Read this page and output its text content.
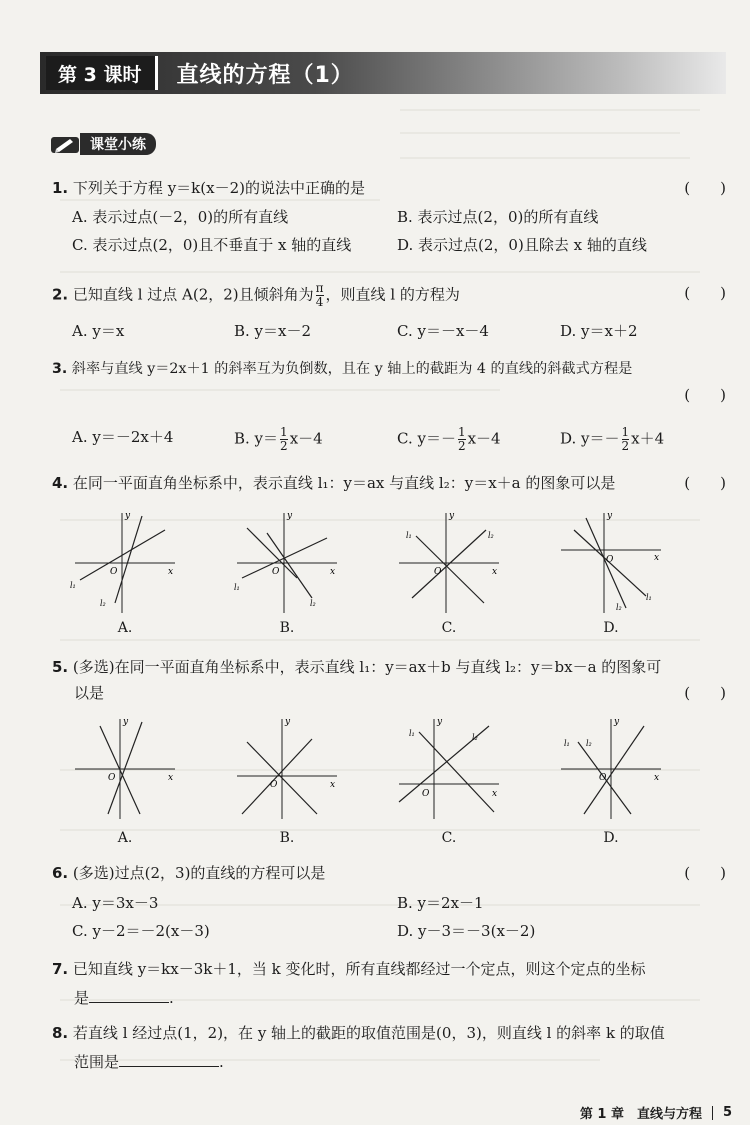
第 3 课时	直线的方程（1）
课堂小练
1. 下列关于方程 y＝k(x－2)的说法中正确的是	(　　)
A. 表示过点(－2，0)的所有直线	B. 表示过点(2，0)的所有直线
C. 表示过点(2，0)且不垂直于 x 轴的直线	D. 表示过点(2，0)且除去 x 轴的直线
2. 已知直线 l 过点 A(2，2)且倾斜角为 $\frac{\pi}{4}$ ，则直线 l 的方程为	(　　)
A. y＝x	B. y＝x－2	C. y＝－x－4	D. y＝x＋2
3. 斜率与直线 y＝2x＋1 的斜率互为负倒数，且在 y 轴上的截距为 4 的直线的斜截式方程是
(　　)
A. y＝－2x＋4	B. $y= \frac{1}{2} x-4$	C. $y=- \frac{1}{2} x-4$	D. $y=- \frac{1}{2} x+4$
4. 在同一平面直角坐标系中，表示直线 l₁：y＝ax 与直线 l₂：y＝x＋a 的图象可以是	(　　)
y
x
O
l₁
l₂
A.
y
x
O
l₁
l₂
B.
y
x
O
l₁	l₂
C.
y
x
O
l₁
l₂
D.
5. (多选)在同一平面直角坐标系中，表示直线 l₁：y＝ax＋b 与直线 l₂：y＝bx－a 的图象可
以是	(　　)
y
x
O
A.
y
x
O
B.
y
x
O
l₁	l₂
C.
y
x
O
l₁ l₂
D.
6. (多选)过点(2，3)的直线的方程可以是	(　　)
A. y＝3x－3	B. y＝2x－1
C. y－2＝－2(x－3)	D. y－3＝－3(x－2)
7. 已知直线 y＝kx－3k＋1，当 k 变化时，所有直线都经过一个定点，则这个定点的坐标
是	.
8. 若直线 l 经过点(1，2)，在 y 轴上的截距的取值范围是(0，3)，则直线 l 的斜率 k 的取值
范围是	.
第 1 章　直线与方程 5
